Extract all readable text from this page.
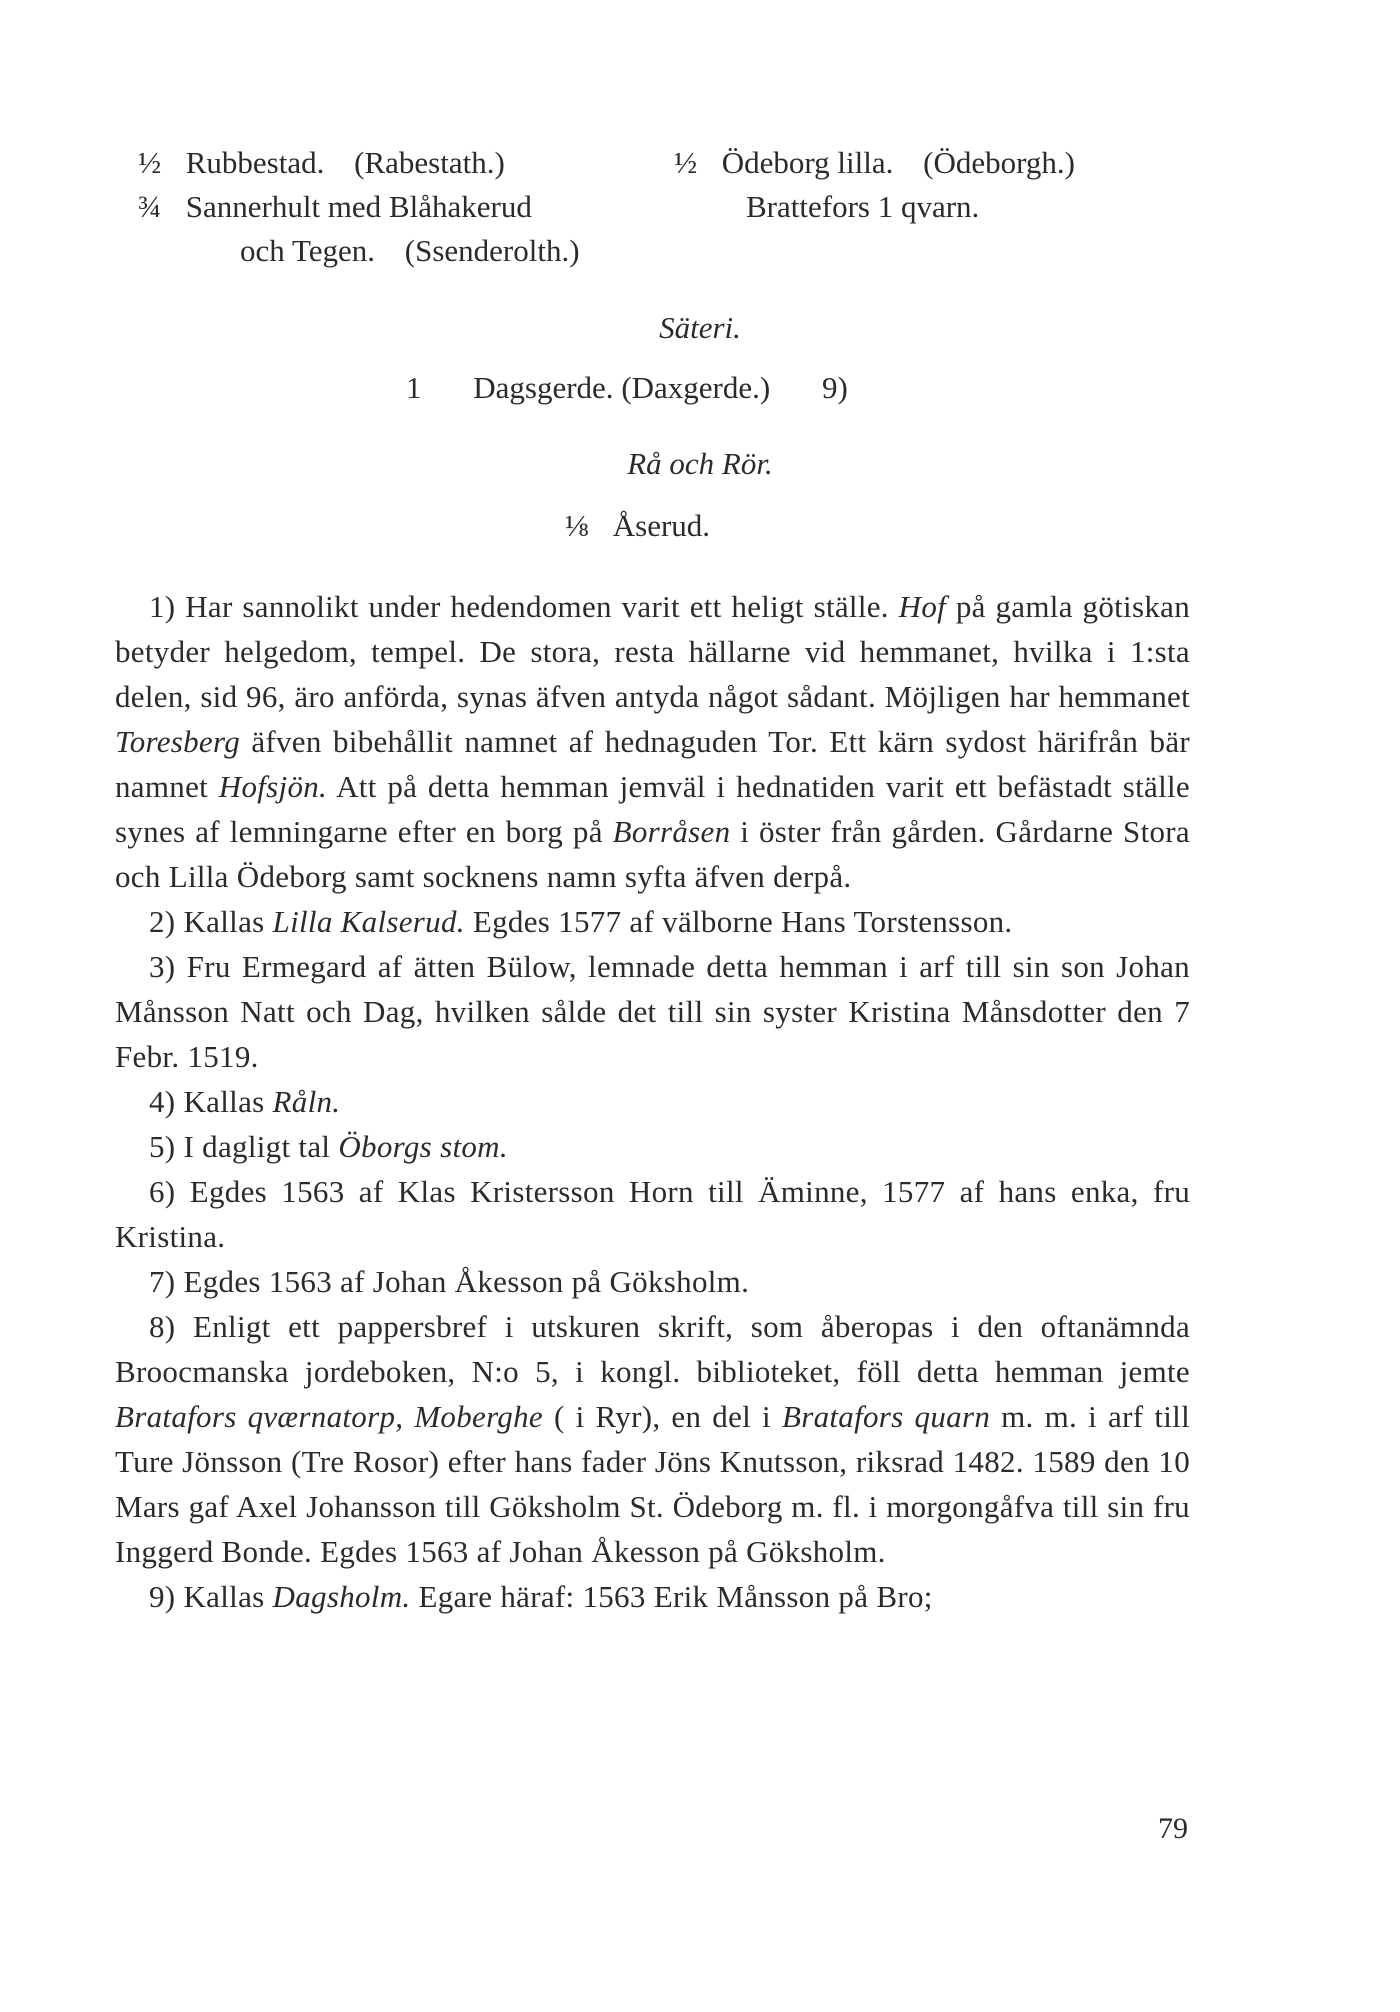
½ Rubbestad. (Rabestath.)
¾ Sannerhult med Blåhakerud
och Tegen. (Ssenderolth.)
½ Ödeborg lilla. (Ödeborgh.)
Brattefors 1 qvarn.
Säteri.
1 Dagsgerde. (Daxgerde.) 9)
Rå och Rör.
⅛ Åserud.

1) Har sannolikt under hedendomen varit ett heligt ställe. Hof på gamla götiskan betyder helgedom, tempel. De stora, resta hällarne vid hemmanet, hvilka i 1:sta delen, sid 96, äro anförda, synas äfven antyda något sådant. Möjligen har hemmanet Toresberg äfven bibehållit namnet af hednaguden Tor. Ett kärn sydost härifrån bär namnet Hofsjön. Att på detta hemman jemväl i hednatiden varit ett befästadt ställe synes af lemningarne efter en borg på Borråsen i öster från gården. Gårdarne Stora och Lilla Ödeborg samt socknens namn syfta äfven derpå.

2) Kallas Lilla Kalserud. Egdes 1577 af välborne Hans Torstensson.

3) Fru Ermegard af ätten Bülow, lemnade detta hemman i arf till sin son Johan Månsson Natt och Dag, hvilken sålde det till sin syster Kristina Månsdotter den 7 Febr. 1519.

4) Kallas Råln.

5) I dagligt tal Öborgs stom.

6) Egdes 1563 af Klas Kristersson Horn till Äminne, 1577 af hans enka, fru Kristina.

7) Egdes 1563 af Johan Åkesson på Göksholm.

8) Enligt ett pappersbref i utskuren skrift, som åberopas i den oftanämnda Broocmanska jordeboken, N:o 5, i kongl. biblioteket, föll detta hemman jemte Bratafors qværnatorp, Moberghe ( i Ryr), en del i Bratafors quarn m. m. i arf till Ture Jönsson (Tre Rosor) efter hans fader Jöns Knutsson, riksrad 1482. 1589 den 10 Mars gaf Axel Johansson till Göksholm St. Ödeborg m. fl. i morgongåfva till sin fru Inggerd Bonde. Egdes 1563 af Johan Åkesson på Göksholm.

9) Kallas Dagsholm. Egare häraf: 1563 Erik Månsson på Bro;

79
